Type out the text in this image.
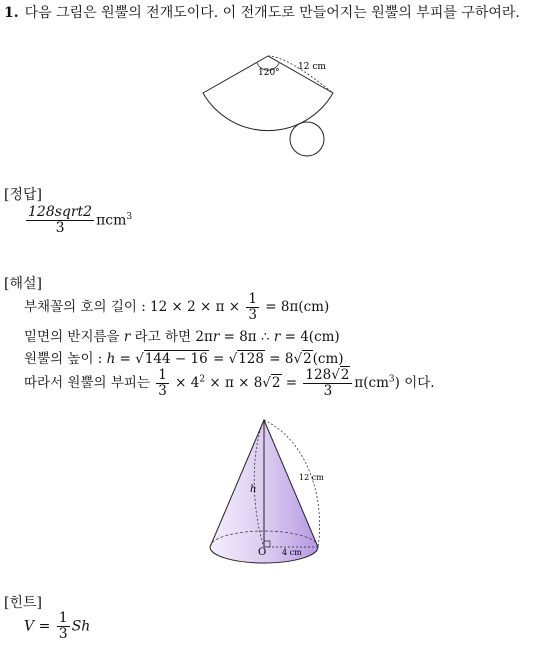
1. 다음 그림은 원뿔의 전개도이다. 이 전개도로 만들어지는 원뿔의 부피를 구하여라.
120°
12 cm
[정답]
$\frac{\text{128sqrt2}}{3} \pi cm^3$
[해설]
부채꼴의 호의 길이 : $12 \times 2 \times \pi \times \frac{1}{3} = 8\pi(cm)$
밑면의 반지름을 r 라고 하면 2πr = 8π ∴ r = 4(cm)
원뿔의 높이 : h = √144 − 16 = √128 = 8√2(cm)
따라서 원뿔의 부피는 $\frac{1}{3} \times 4^2 \times \pi \times 8√2 = \frac{128√2}{3} \pi(cm^3)$ 이다.
h
12 cm
O 4 cm
[힌트]
$V = \frac{1}{3}$ Sh
